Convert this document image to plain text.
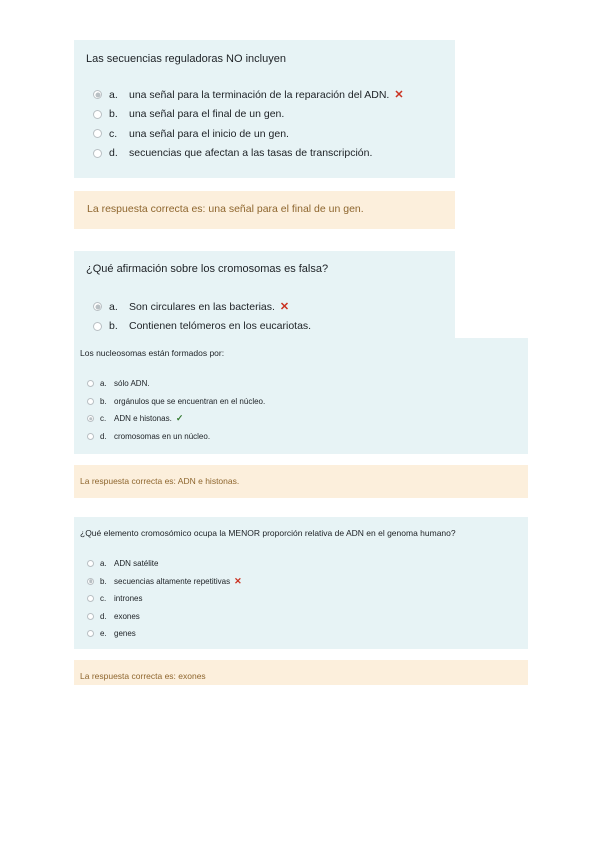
Las secuencias reguladoras NO incluyen
a.	una señal para la terminación de la reparación del ADN. ✕
b.	una señal para el final de un gen.
c.	una señal para el inicio de un gen.
d.	secuencias que afectan a las tasas de transcripción.
La respuesta correcta es: una señal para el final de un gen.
¿Qué afirmación sobre los cromosomas es falsa?
a.	Son circulares en las bacterias. ✕
b.	Contienen telómeros en los eucariotas.
Los nucleosomas están formados por:
a. sólo ADN.
b. orgánulos que se encuentran en el núcleo.
c. ADN e histonas. ✓
d. cromosomas en un núcleo.
La respuesta correcta es: ADN e histonas.
¿Qué elemento cromosómico ocupa la MENOR proporción relativa de ADN en el genoma humano?
a. ADN satélite
b. secuencias altamente repetitivas ✕
c. intrones
d. exones
e. genes
La respuesta correcta es: exones
